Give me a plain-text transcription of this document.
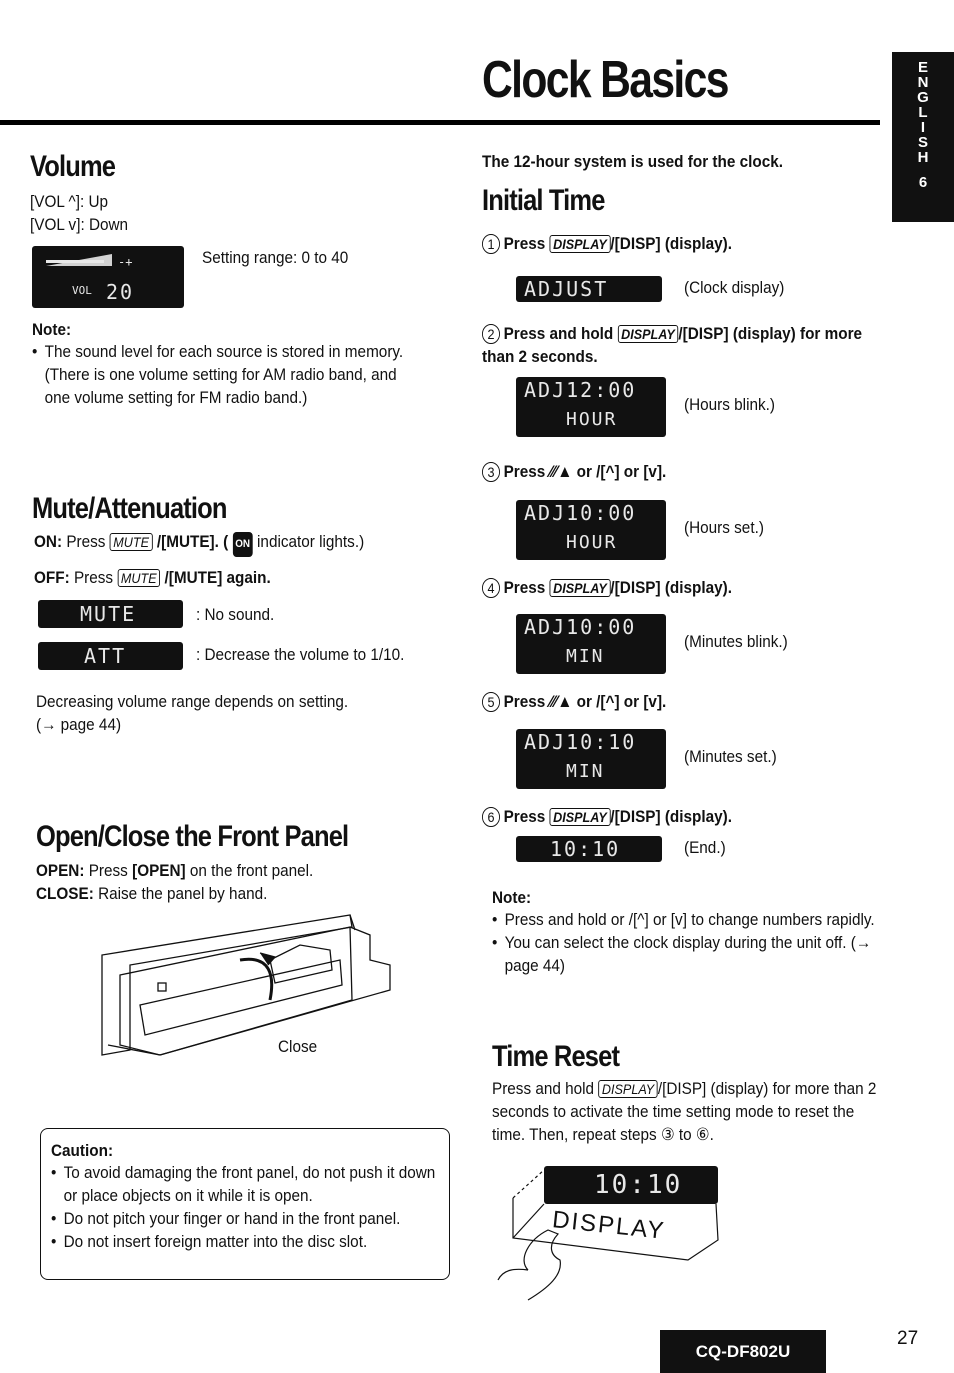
Clock Basics	E
N
G
L
I
S
H
6
Volume
[VOL ^]: Up
[VOL v]: Down
-+
VOL 20
Setting range: 0 to 40
Note:
• The sound level for each source is stored in memory.
(There is one volume setting for AM radio band, and one volume setting for FM radio band.)
Mute/Attenuation
ON: Press MUTE /[MUTE]. ( ON indicator lights.)
OFF: Press MUTE /[MUTE] again.
MUTE	: No sound.
ATT	: Decrease the volume to 1/10.
Decreasing volume range depends on setting.
(→ page 44)
Open/Close the Front Panel
OPEN: Press [OPEN] on the front panel.
CLOSE: Raise the panel by hand.
Close
Caution:
• To avoid damaging the front panel, do not push it down or place objects on it while it is open.
• Do not pitch your finger or hand in the front panel.
• Do not insert foreign matter into the disc slot.
The 12-hour system is used for the clock.
Initial Time
1 Press DISPLAY /[DISP] (display).
ADJUST	(Clock display)
2 Press and hold DISPLAY /[DISP] (display) for more than 2 seconds.
ADJ12:00
HOUR
(Hours blink.)
3 Press ⁄⁄⁄▲ or /[^] or [v].
ADJ10:00
HOUR
(Hours set.)
4 Press DISPLAY /[DISP] (display).
ADJ10:00
MIN
(Minutes blink.)
5 Press ⁄⁄⁄▲ or /[^] or [v].
ADJ10:10
MIN
(Minutes set.)
6 Press DISPLAY /[DISP] (display).
10:10	(End.)
Note:
• Press and hold or /[^] or [v] to change numbers rapidly.
• You can select the clock display during the unit off. (→ page 44)
Time Reset
Press and hold DISPLAY /[DISP] (display) for more than 2 seconds to activate the time setting mode to reset the time. Then, repeat steps ③ to ⑥.
10:10
DISPLAY
CQ-DF802U
27
